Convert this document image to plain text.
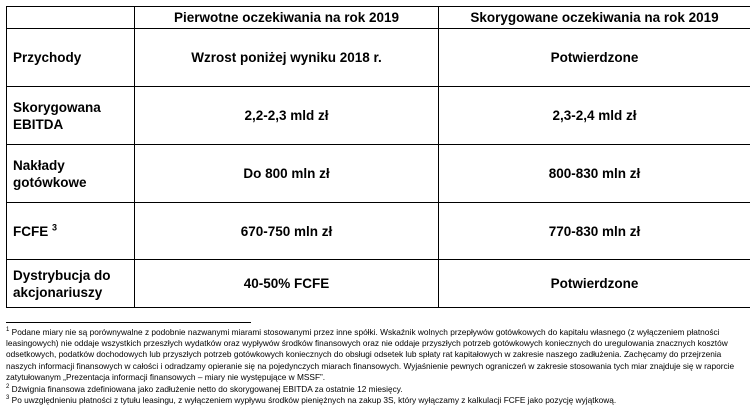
	Pierwotne oczekiwania na rok 2019	Skorygowane oczekiwania na rok 2019
Przychody	Wzrost poniżej wyniku 2018 r.	Potwierdzone
Skorygowana EBITDA	2,2-2,3 mld zł	2,3-2,4 mld zł
Nakłady gotówkowe	Do 800 mln zł	800-830 mln zł
FCFE $^3$	670-750 mln zł	770-830 mln zł
Dystrybucja do akcjonariuszy	40-50% FCFE	Potwierdzone

$^1$ Podane miary nie są porównywalne z podobnie nazwanymi miarami stosowanymi przez inne spółki. Wskaźnik wolnych przepływów gotówkowych do kapitału własnego (z wyłączeniem płatności leasingowych) nie oddaje wszystkich przeszłych wydatków oraz wypływów środków finansowych oraz nie oddaje przyszłych potrzeb gotówkowych koniecznych do uregulowania znacznych kosztów odsetkowych, podatków dochodowych lub przyszłych potrzeb gotówkowych koniecznych do obsługi odsetek lub spłaty rat kapitałowych w zakresie naszego zadłużenia. Zachęcamy do przejrzenia naszych informacji finansowych w całości i odradzamy opieranie się na pojedynczych miarach finansowych. Wyjaśnienie pewnych ograniczeń w zakresie stosowania tych miar znajduje się w raporcie zatytułowanym „Prezentacja informacji finansowych – miary nie występujące w MSSF”.

$^2$ Dźwignia finansowa zdefiniowana jako zadłużenie netto do skorygowanej EBITDA za ostatnie 12 miesięcy.

$^3$ Po uwzględnieniu płatności z tytułu leasingu, z wyłączeniem wypływu środków pieniężnych na zakup 3S, który wyłączamy z kalkulacji FCFE jako pozycję wyjątkową.
